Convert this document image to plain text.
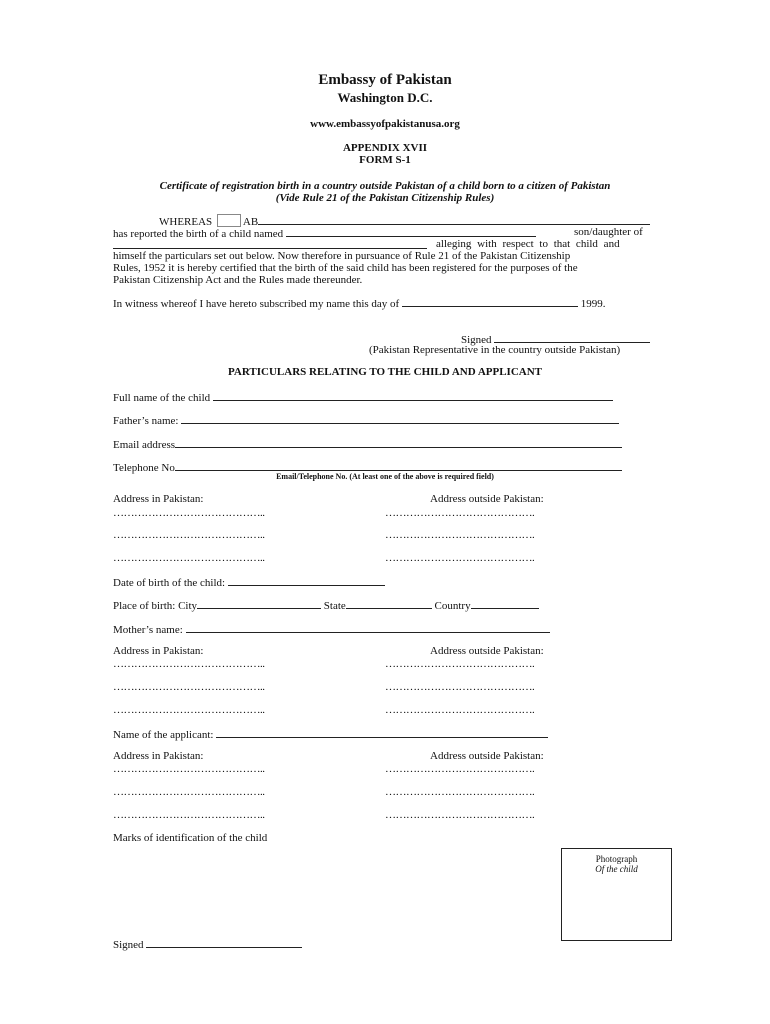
Embassy of Pakistan
Washington D.C.
www.embassyofpakistanusa.org
APPENDIX XVII
FORM S-1
Certificate of registration birth in a country outside Pakistan of a child born to a citizen of Pakistan
(Vide Rule 21 of the Pakistan Citizenship Rules)
WHEREAS	AB
has reported the birth of a child named	son/daughter of
alleging with respect to that child and
himself the particulars set out below. Now therefore in pursuance of Rule 21 of the Pakistan Citizenship
Rules, 1952 it is hereby certified that the birth of the said child has been registered for the purposes of the
Pakistan Citizenship Act and the Rules made thereunder.
In witness whereof I have hereto subscribed my name this day of	1999.
Signed
(Pakistan Representative in the country outside Pakistan)
PARTICULARS RELATING TO THE CHILD AND APPLICANT
Full name of the child
Father’s name:
Email address
Telephone No
Email/Telephone No. (At least one of the above is required field)
Address in Pakistan:	Address outside Pakistan:
……………………………………..	…………………………………….
……………………………………..	…………………………………….
……………………………………..	…………………………………….
Date of birth of the child:
Place of birth: City	State	Country
Mother’s name:
Address in Pakistan:	Address outside Pakistan:
……………………………………..	…………………………………….
……………………………………..	…………………………………….
……………………………………..	…………………………………….
Name of the applicant:
Address in Pakistan:	Address outside Pakistan:
……………………………………..	…………………………………….
……………………………………..	…………………………………….
……………………………………..	…………………………………….
Marks of identification of the child
Photograph
Of the child
Signed
